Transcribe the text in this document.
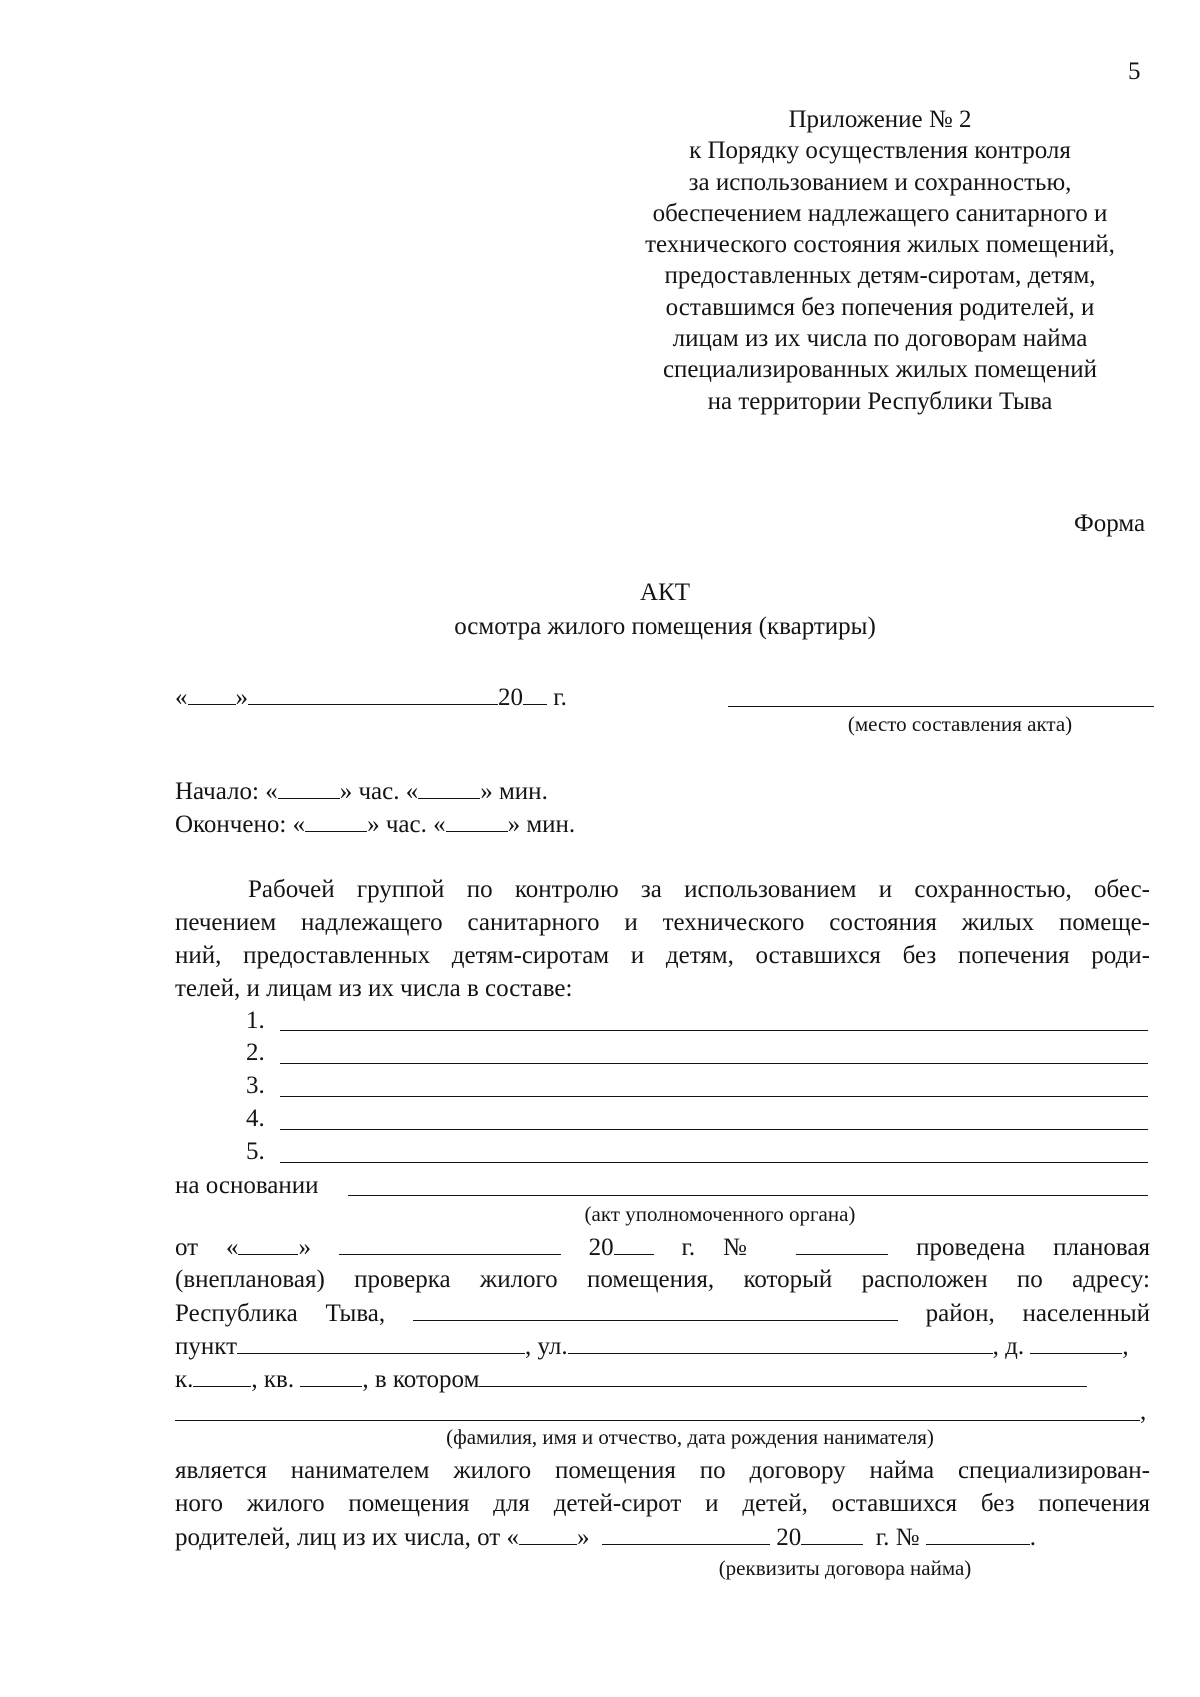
5
Приложение № 2
к Порядку осуществления контроля
за использованием и сохранностью,
обеспечением надлежащего санитарного и
технического состояния жилых помещений,
предоставленных детям-сиротам, детям,
оставшимся без попечения родителей, и
лицам из их числа по договорам найма
специализированных жилых помещений
на территории Республики Тыва
Форма
АКТ
осмотра жилого помещения (квартиры)
« »	20 г.
(место составления акта)
Начало: « » час. « » мин.
Окончено: « » час. « » мин.
Рабочей группой по контролю за использованием и сохранностью, обес-
печением надлежащего санитарного и технического состояния жилых помеще-
ний, предоставленных детям-сиротам и детям, оставшихся без попечения роди-
телей, и лицам из их числа в составе:
1.
2.
3.
4.
5.
на основании
(акт уполномоченного органа)
от « »	20	г. №	проведена плановая
(внеплановая) проверка жилого помещения, который расположен по адресу:
Республика Тыва,	район, населенный
пункт	, ул.	, д.	,
к. , кв.	, в котором
,
(фамилия, имя и отчество, дата рождения нанимателя)
является нанимателем жилого помещения по договору найма специализирован-
ного жилого помещения для детей-сирот и детей, оставшихся без попечения
родителей, лиц из их числа, от « »	20	г. №	.
(реквизиты договора найма)
